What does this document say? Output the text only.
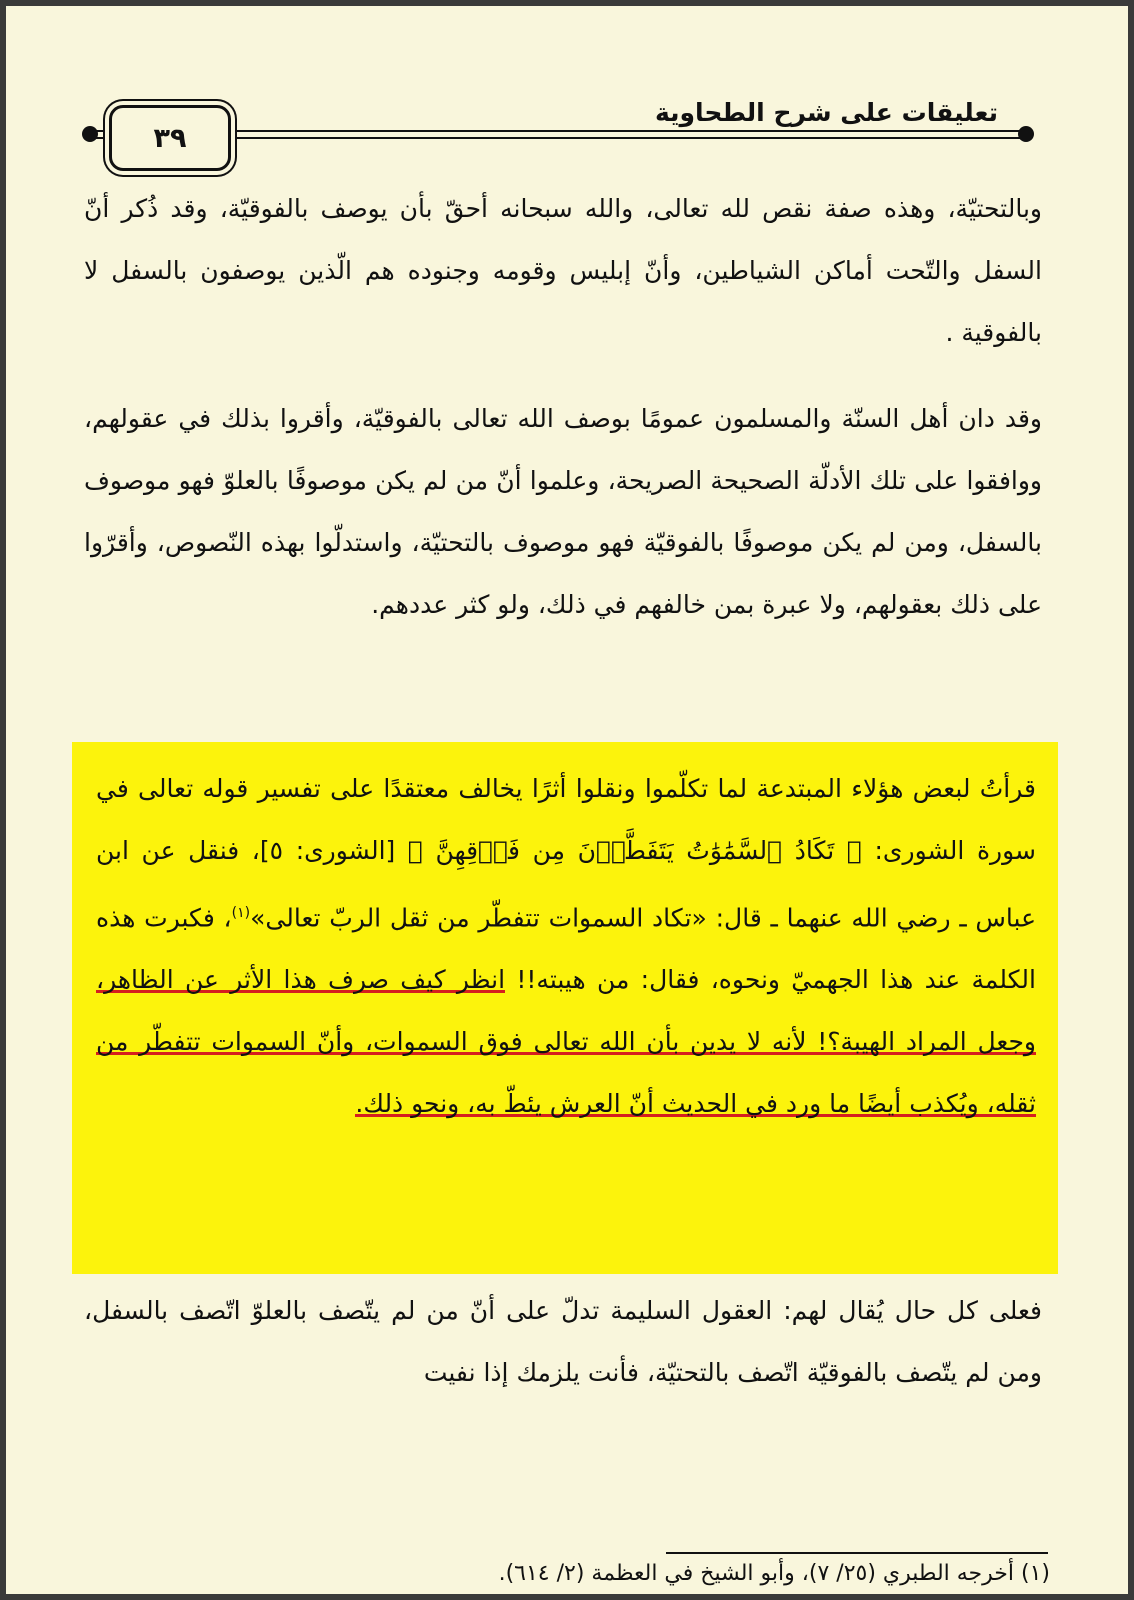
تعليقات على شرح الطحاوية
٣٩

وبالتحتيّة، وهذه صفة نقص لله تعالى، والله سبحانه أحقّ بأن يوصف بالفوقيّة، وقد ذُكر أنّ السفل والتّحت أماكن الشياطين، وأنّ إبليس وقومه وجنوده هم الّذين يوصفون بالسفل لا بالفوقية .

وقد دان أهل السنّة والمسلمون عمومًا بوصف الله تعالى بالفوقيّة، وأقروا بذلك في عقولهم، ووافقوا على تلك الأدلّة الصحيحة الصريحة، وعلموا أنّ من لم يكن موصوفًا بالعلوّ فهو موصوف بالسفل، ومن لم يكن موصوفًا بالفوقيّة فهو موصوف بالتحتيّة، واستدلّوا بهذه النّصوص، وأقرّوا على ذلك بعقولهم، ولا عبرة بمن خالفهم في ذلك، ولو كثر عددهم.

قرأتُ لبعض هؤلاء المبتدعة لما تكلّموا ونقلوا أثرًا يخالف معتقدًا على تفسير قوله تعالى في سورة الشورى: ﴿ تَكَادُ ٱلسَّمَٰوَٰتُ يَتَفَطَّرۡنَ مِن فَوۡقِهِنَّ ﴾ [الشورى: ٥]، فنقل عن ابن عباس ـ رضي الله عنهما ـ قال: «تكاد السموات تتفطّر من ثقل الربّ تعالى»$^{(١)}$، فكبرت هذه الكلمة عند هذا الجهميّ ونحوه، فقال: من هيبته!! انظر كيف صرف هذا الأثر عن الظاهر، وجعل المراد الهيبة؟! لأنه لا يدين بأن الله تعالى فوق السموات، وأنّ السموات تتفطّر من ثقله، ويُكذب أيضًا ما ورد في الحديث أنّ العرش يئطّ به، ونحو ذلك.

فعلى كل حال يُقال لهم: العقول السليمة تدلّ على أنّ من لم يتّصف بالعلوّ اتّصف بالسفل، ومن لم يتّصف بالفوقيّة اتّصف بالتحتيّة، فأنت يلزمك إذا نفيت

(١) أخرجه الطبري (٢٥/ ٧)، وأبو الشيخ في العظمة (٢/ ٦١٤).
